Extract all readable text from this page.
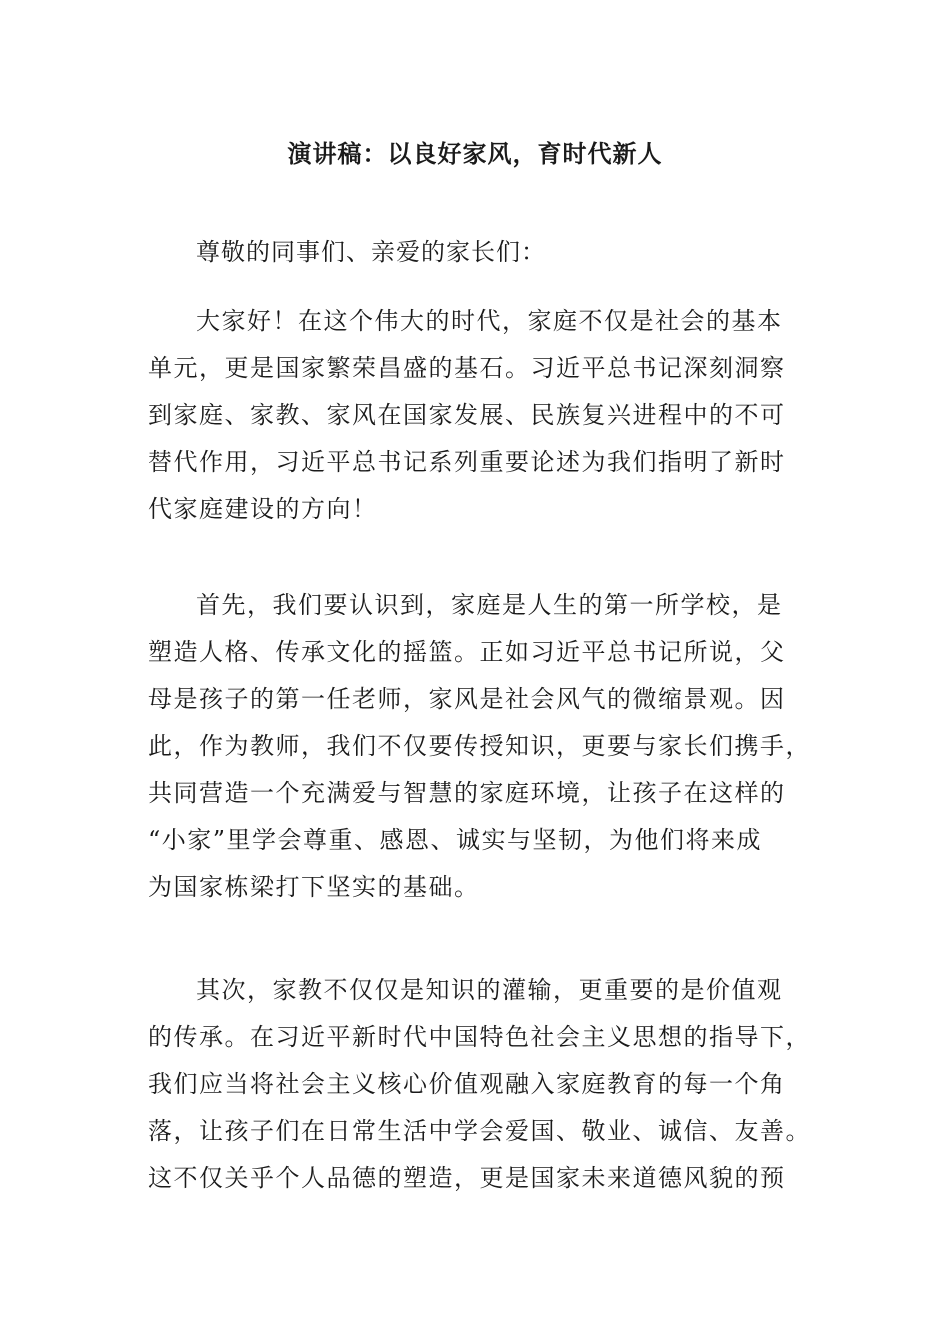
演讲稿：以良好家风，育时代新人
尊敬的同事们、亲爱的家长们：
大家好！在这个伟大的时代，家庭不仅是社会的基本
单元，更是国家繁荣昌盛的基石。习近平总书记深刻洞察
到家庭、家教、家风在国家发展、民族复兴进程中的不可
替代作用，习近平总书记系列重要论述为我们指明了新时
代家庭建设的方向！
首先，我们要认识到，家庭是人生的第一所学校，是
塑造人格、传承文化的摇篮。正如习近平总书记所说，父
母是孩子的第一任老师，家风是社会风气的微缩景观。因
此，作为教师，我们不仅要传授知识，更要与家长们携手，
共同营造一个充满爱与智慧的家庭环境，让孩子在这样的
“小家”里学会尊重、感恩、诚实与坚韧，为他们将来成
为国家栋梁打下坚实的基础。
其次，家教不仅仅是知识的灌输，更重要的是价值观
的传承。在习近平新时代中国特色社会主义思想的指导下，
我们应当将社会主义核心价值观融入家庭教育的每一个角
落，让孩子们在日常生活中学会爱国、敬业、诚信、友善。
这不仅关乎个人品德的塑造，更是国家未来道德风貌的预
